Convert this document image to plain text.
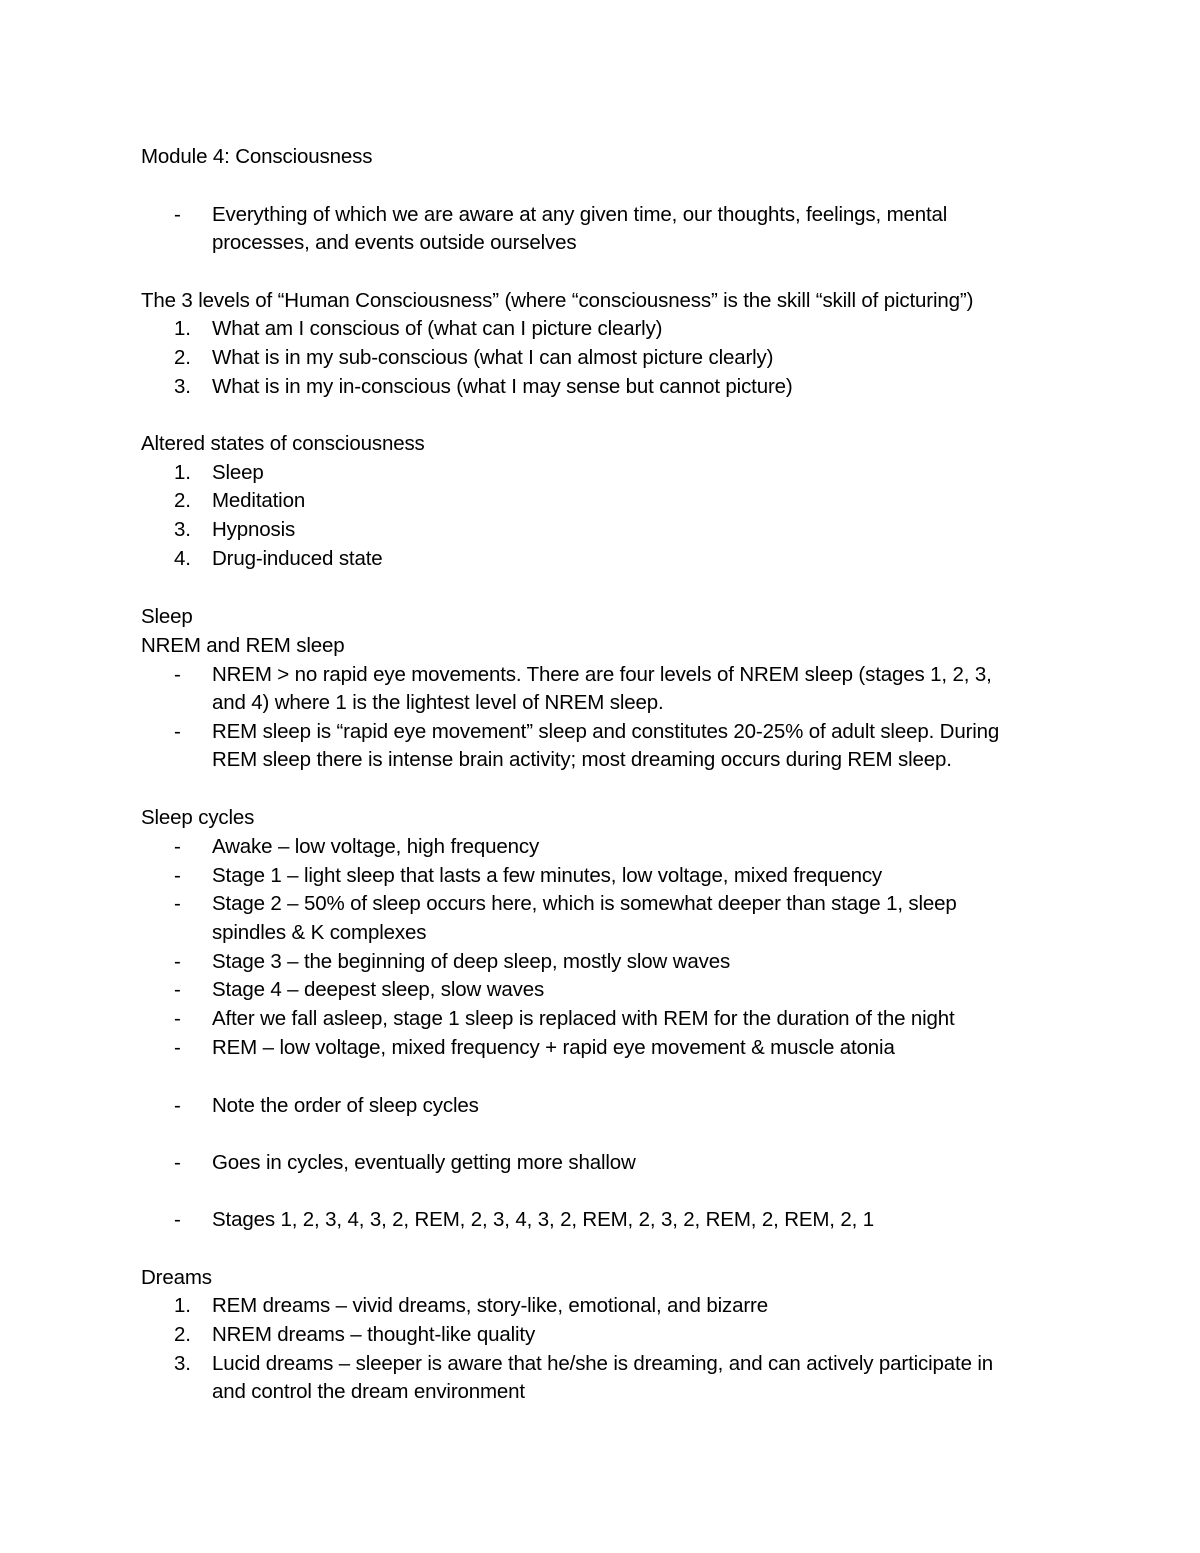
Module 4: Consciousness
- Everything of which we are aware at any given time, our thoughts, feelings, mental
processes, and events outside ourselves
The 3 levels of “Human Consciousness” (where “consciousness” is the skill “skill of picturing”)
1. What am I conscious of (what can I picture clearly)
2. What is in my sub-conscious (what I can almost picture clearly)
3. What is in my in-conscious (what I may sense but cannot picture)
Altered states of consciousness
1. Sleep
2. Meditation
3. Hypnosis
4. Drug-induced state
Sleep
NREM and REM sleep
- NREM > no rapid eye movements. There are four levels of NREM sleep (stages 1, 2, 3,
and 4) where 1 is the lightest level of NREM sleep.
- REM sleep is “rapid eye movement” sleep and constitutes 20-25% of adult sleep. During
REM sleep there is intense brain activity; most dreaming occurs during REM sleep.
Sleep cycles
- Awake – low voltage, high frequency
- Stage 1 – light sleep that lasts a few minutes, low voltage, mixed frequency
- Stage 2 – 50% of sleep occurs here, which is somewhat deeper than stage 1, sleep
spindles & K complexes
- Stage 3 – the beginning of deep sleep, mostly slow waves
- Stage 4 – deepest sleep, slow waves
- After we fall asleep, stage 1 sleep is replaced with REM for the duration of the night
- REM – low voltage, mixed frequency + rapid eye movement & muscle atonia
- Note the order of sleep cycles
- Goes in cycles, eventually getting more shallow
- Stages 1, 2, 3, 4, 3, 2, REM, 2, 3, 4, 3, 2, REM, 2, 3, 2, REM, 2, REM, 2, 1
Dreams
1. REM dreams – vivid dreams, story-like, emotional, and bizarre
2. NREM dreams – thought-like quality
3. Lucid dreams – sleeper is aware that he/she is dreaming, and can actively participate in
and control the dream environment
